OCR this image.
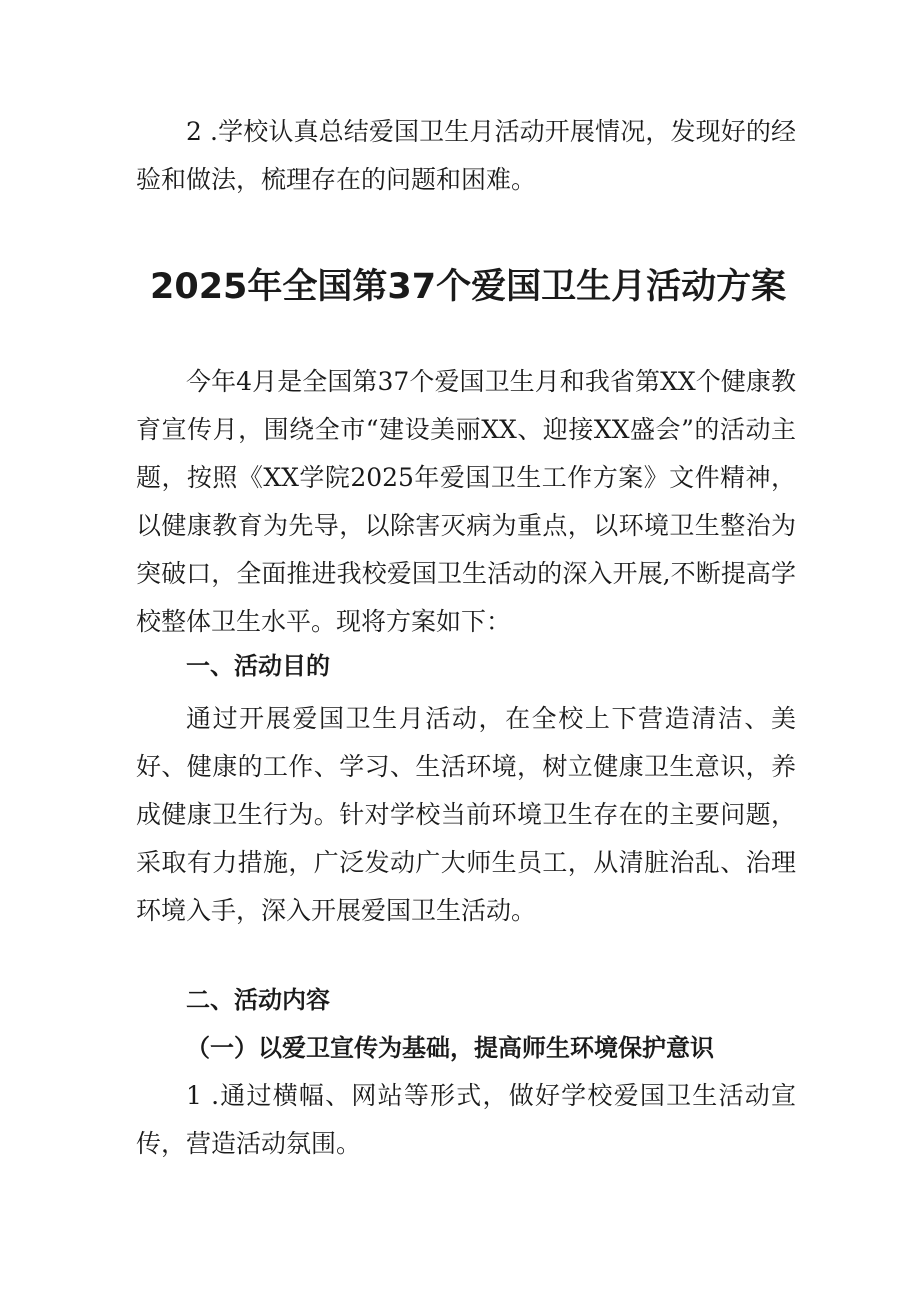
2 .学校认真总结爱国卫生月活动开展情况，发现好的经验和做法，梳理存在的问题和困难。

2025年全国第37个爱国卫生月活动方案

今年4月是全国第37个爱国卫生月和我省第XX个健康教育宣传月，围绕全市“建设美丽XX、迎接XX盛会”的活动主题，按照《XX学院2025年爱国卫生工作方案》文件精神，以健康教育为先导，以除害灭病为重点，以环境卫生整治为突破口，全面推进我校爱国卫生活动的深入开展,不断提高学校整体卫生水平。现将方案如下：

一、活动目的

通过开展爱国卫生月活动，在全校上下营造清洁、美好、健康的工作、学习、生活环境，树立健康卫生意识，养成健康卫生行为。针对学校当前环境卫生存在的主要问题，采取有力措施，广泛发动广大师生员工，从清脏治乱、治理环境入手，深入开展爱国卫生活动。

二、活动内容
（一）以爱卫宣传为基础，提高师生环境保护意识

1 .通过横幅、网站等形式，做好学校爱国卫生活动宣传，营造活动氛围。
